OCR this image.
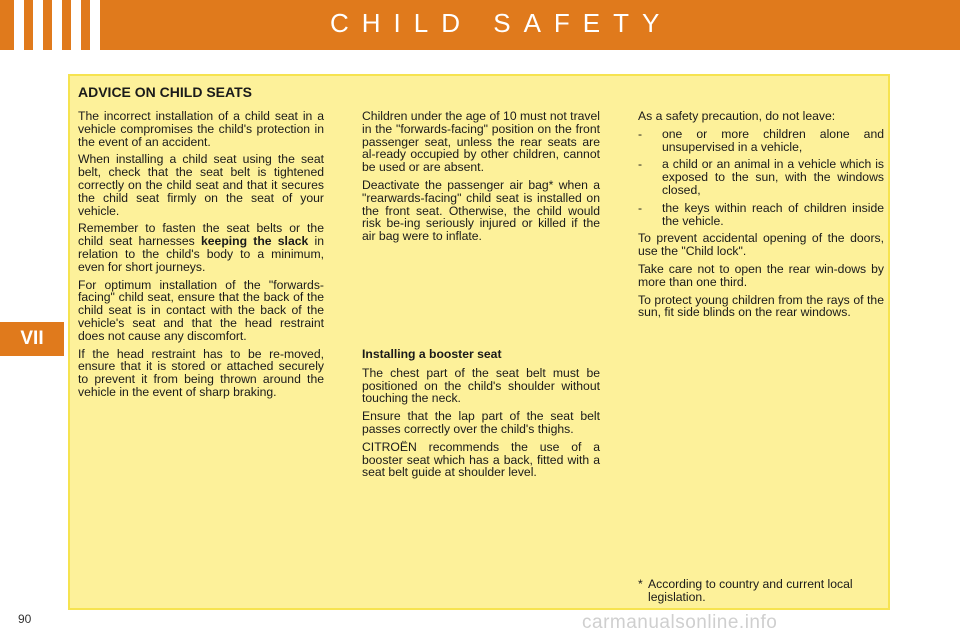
CHILD SAFETY
VII
ADVICE ON CHILD SEATS

The incorrect installation of a child seat in a vehicle compromises the child's protection in the event of an accident.

When installing a child seat using the seat belt, check that the seat belt is tightened correctly on the child seat and that it secures the child seat firmly on the seat of your vehicle.

Remember to fasten the seat belts or the child seat harnesses keeping the slack in relation to the child's body to a minimum, even for short journeys.

For optimum installation of the "forwards-facing" child seat, ensure that the back of the child seat is in contact with the back of the vehicle's seat and that the head restraint does not cause any discomfort.

If the head restraint has to be re-moved, ensure that it is stored or attached securely to prevent it from being thrown around the vehicle in the event of sharp braking.

Children under the age of 10 must not travel in the "forwards-facing" position on the front passenger seat, unless the rear seats are al-ready occupied by other children, cannot be used or are absent.

Deactivate the passenger air bag* when a "rearwards-facing" child seat is installed on the front seat. Otherwise, the child would risk be-ing seriously injured or killed if the air bag were to inflate.

Installing a booster seat

The chest part of the seat belt must be positioned on the child's shoulder without touching the neck.

Ensure that the lap part of the seat belt passes correctly over the child's thighs.

CITROËN recommends the use of a booster seat which has a back, fitted with a seat belt guide at shoulder level.

As a safety precaution, do not leave:

-	one or more children alone and unsupervised in a vehicle,
-	a child or an animal in a vehicle which is exposed to the sun, with the windows closed,
-	the keys within reach of children inside the vehicle.

To prevent accidental opening of the doors, use the "Child lock".

Take care not to open the rear win-dows by more than one third.

To protect young children from the rays of the sun, fit side blinds on the rear windows.

* According to country and current local legislation.
90	carmanualsonline.info
